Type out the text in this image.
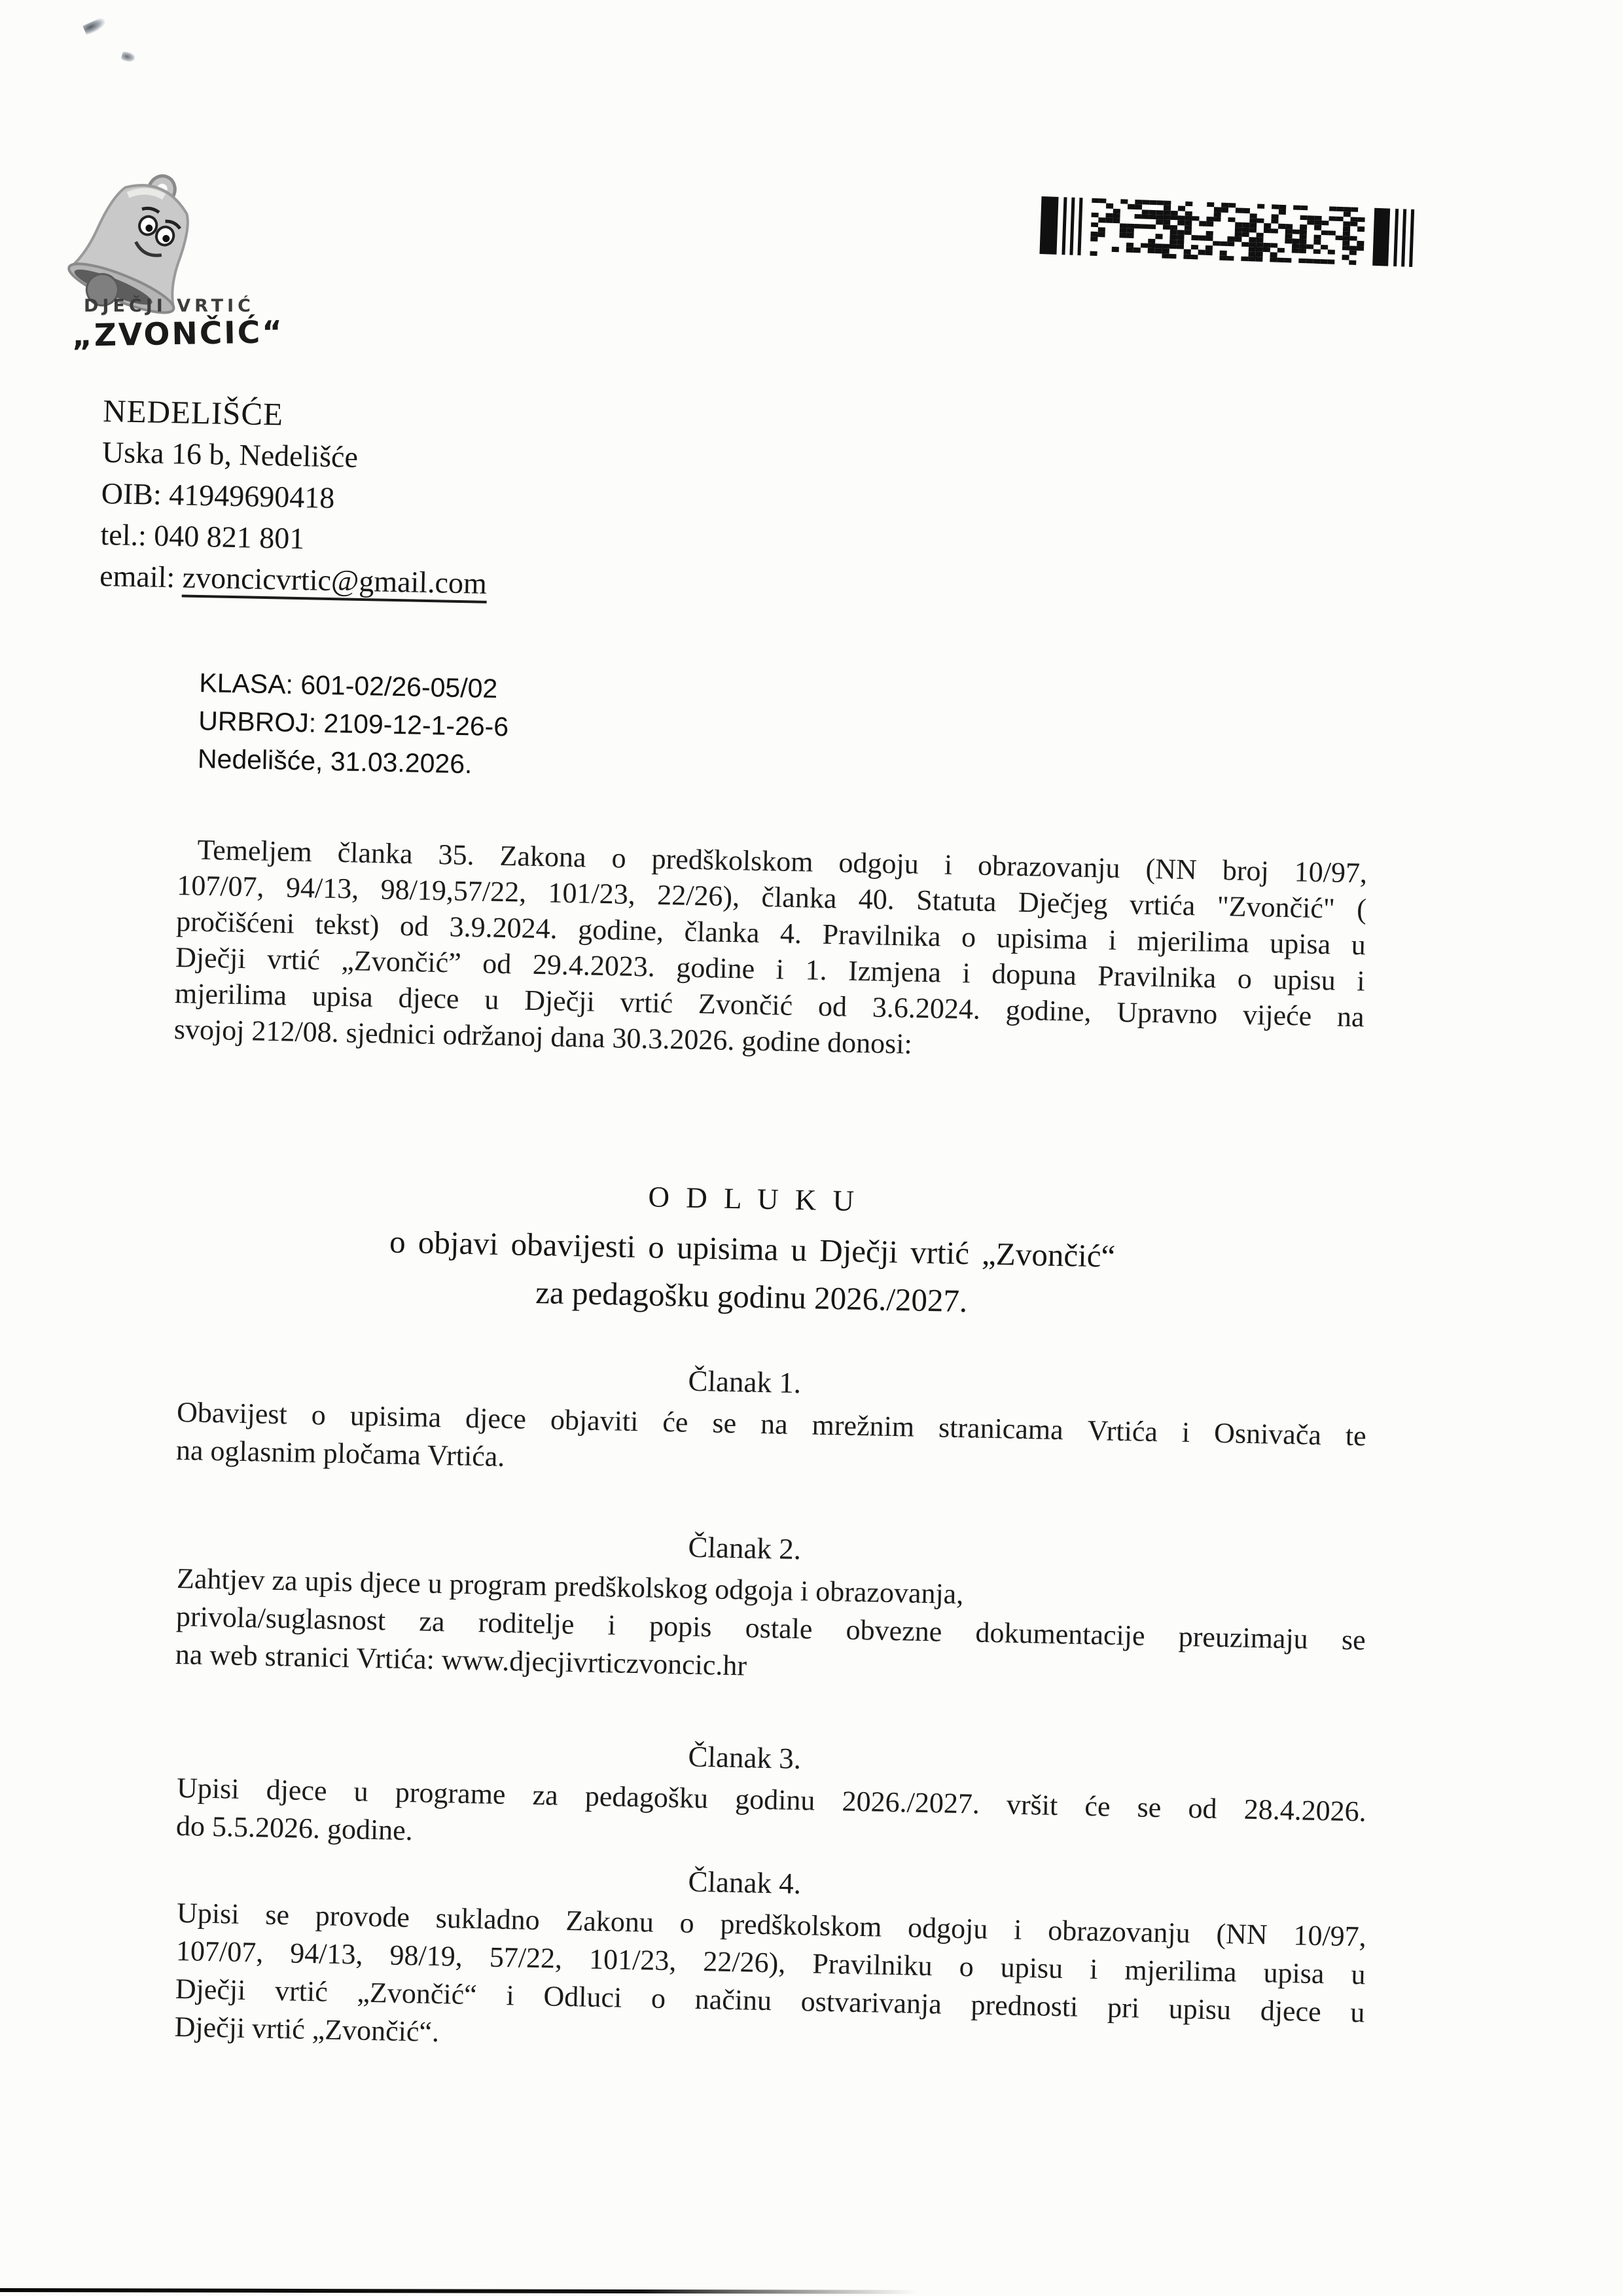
DJEČJI VRTIĆ
„ZVONČIĆ“
NEDELIŠĆE
Uska 16 b, Nedelišće
OIB: 41949690418
tel.: 040 821 801
email: zvoncicvrtic@gmail.com
KLASA: 601-02/26-05/02
URBROJ: 2109-12-1-26-6
Nedelišće, 31.03.2026.
Temeljem članka 35. Zakona o predškolskom odgoju i obrazovanju (NN broj 10/97,
107/07, 94/13, 98/19,57/22, 101/23, 22/26), članka 40. Statuta Dječjeg vrtića "Zvončić" (
pročišćeni tekst) od 3.9.2024. godine, članka 4. Pravilnika o upisima i mjerilima upisa u
Dječji vrtić „Zvončić” od 29.4.2023. godine i 1. Izmjena i dopuna Pravilnika o upisu i
mjerilima upisa djece u Dječji vrtić Zvončić od 3.6.2024. godine, Upravno vijeće na
svojoj 212/08. sjednici održanoj dana 30.3.2026. godine donosi:
O D L U K U
o objavi obavijesti o upisima u Dječji vrtić „Zvončić“
za pedagošku godinu 2026./2027.
Članak 1.
Obavijest o upisima djece objaviti će se na mrežnim stranicama Vrtića i Osnivača te
na oglasnim pločama Vrtića.
Članak 2.
Zahtjev za upis djece u program predškolskog odgoja i obrazovanja,
privola/suglasnost za roditelje i popis ostale obvezne dokumentacije preuzimaju se
na web stranici Vrtića: www.djecjivrticzvoncic.hr
Članak 3.
Upisi djece u programe za pedagošku godinu 2026./2027. vršit će se od 28.4.2026.
do 5.5.2026. godine.
Članak 4.
Upisi se provode sukladno Zakonu o predškolskom odgoju i obrazovanju (NN 10/97,
107/07, 94/13, 98/19, 57/22, 101/23, 22/26), Pravilniku o upisu i mjerilima upisa u
Dječji vrtić „Zvončić“ i Odluci o načinu ostvarivanja prednosti pri upisu djece u
Dječji vrtić „Zvončić“.
